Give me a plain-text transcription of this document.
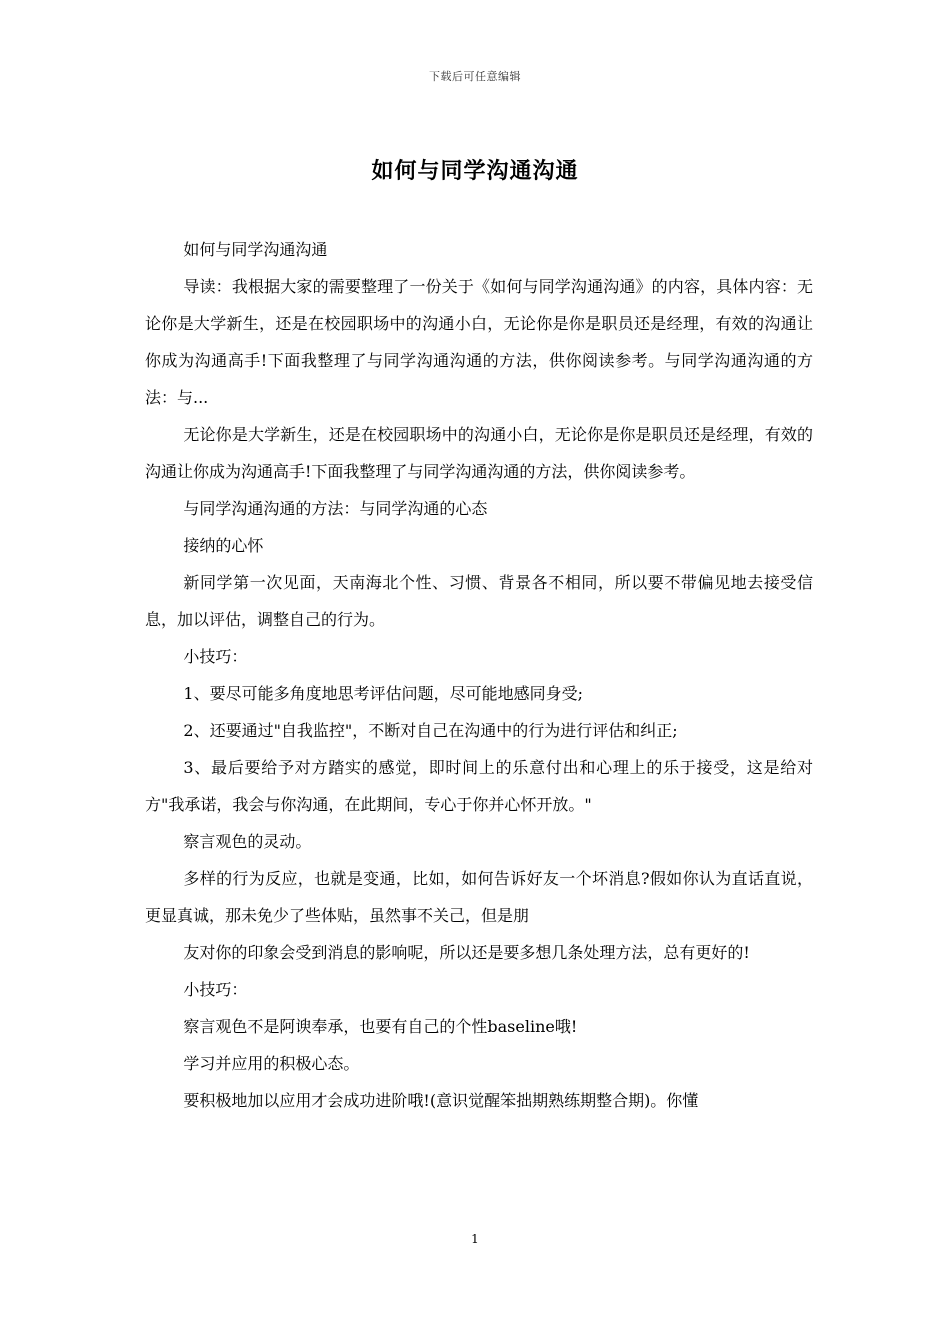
下载后可任意编辑
如何与同学沟通沟通

如何与同学沟通沟通

导读：我根据大家的需要整理了一份关于《如何与同学沟通沟通》的内容，具体内容：无论你是大学新生，还是在校园职场中的沟通小白，无论你是你是职员还是经理，有效的沟通让你成为沟通高手!下面我整理了与同学沟通沟通的方法，供你阅读参考。与同学沟通沟通的方法：与...

无论你是大学新生，还是在校园职场中的沟通小白，无论你是你是职员还是经理，有效的沟通让你成为沟通高手!下面我整理了与同学沟通沟通的方法，供你阅读参考。

与同学沟通沟通的方法：与同学沟通的心态

接纳的心怀

新同学第一次见面，天南海北个性、习惯、背景各不相同，所以要不带偏见地去接受信息，加以评估，调整自己的行为。

小技巧：

1、要尽可能多角度地思考评估问题，尽可能地感同身受;

2、还要通过"自我监控"，不断对自己在沟通中的行为进行评估和纠正;

3、最后要给予对方踏实的感觉，即时间上的乐意付出和心理上的乐于接受，这是给对方"我承诺，我会与你沟通，在此期间，专心于你并心怀开放。"

察言观色的灵动。

多样的行为反应，也就是变通，比如，如何告诉好友一个坏消息?假如你认为直话直说，更显真诚，那未免少了些体贴，虽然事不关己，但是朋

友对你的印象会受到消息的影响呢，所以还是要多想几条处理方法，总有更好的!

小技巧：

察言观色不是阿谀奉承，也要有自己的个性baseline哦!

学习并应用的积极心态。

要积极地加以应用才会成功进阶哦!(意识觉醒笨拙期熟练期整合期)。你懂

1
